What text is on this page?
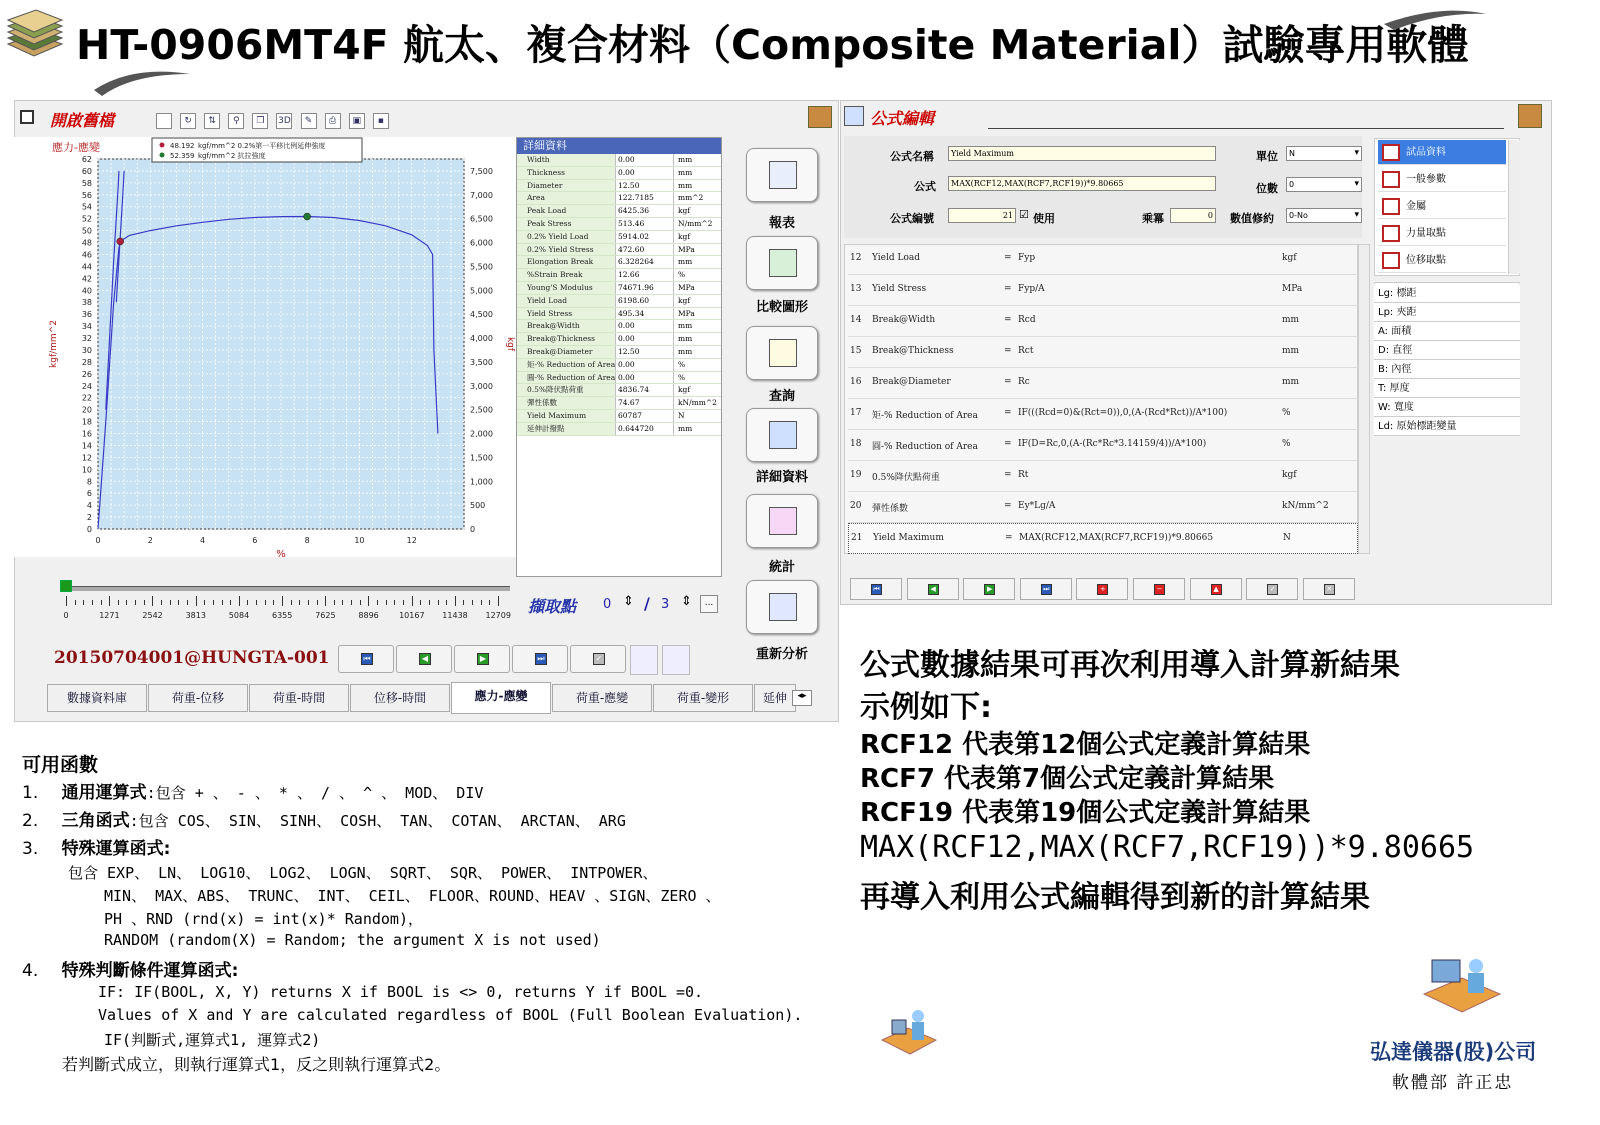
HT-0906MT4F 航太、複合材料（Composite Material）試驗專用軟體
開啟舊檔	↻ ⇅ ⚲ ❐ 3D ✎ ⎙ ▣ ▪
0
2
4
6
8
10
12
14
16
18
20
22
24
26
28
30
32
34
36
38
40
42
44
46
48
50
52
54
56
58
60
62
0
500
1,000
1,500
2,000
2,500
3,000
3,500
4,000
4,500
5,000
5,500
6,000
6,500
7,000
7,500
0	2	4	6	8	10	12
應力-應變
kgf/mm^2	kgf
%
48.192 kgf/mm^2 0.2%第一平移比例延伸強度
52.359 kgf/mm^2 抗拉強度
詳細資料
Width	0.00	mm
Thickness	0.00	mm
Diameter	12.50	mm
Area	122.7185	mm^2
Peak Load	6425.36	kgf
Peak Stress	513.46	N/mm^2
0.2% Yield Load	5914.02	kgf
0.2% Yield Stress	472.60	MPa
Elongation Break	6.328264	mm
%Strain Break	12.66	%
Young'S Modulus	74671.96	MPa
Yield Load	6198.60	kgf
Yield Stress	495.34	MPa
Break@Width	0.00	mm
Break@Thickness	0.00	mm
Break@Diameter	12.50	mm
矩-% Reduction of Area 0.00	%
圓-% Reduction of Area 0.00	%
0.5%降伏點荷重	4836.74	kgf
彈性係數	74.67	kN/mm^2
Yield Maximum	60787	N
延伸計撥點	0.644720	mm
報表
比較圖形
查詢
詳細資料
統計
重新分析
0	1271	2542	3813	5084	6355	7625	8896	10167 11438 12709 擷取點 0 ⇕ / 3 ⇕	...
20150704001@HUNGTA-001	⏮	◀	▶	⏭	✓
數據資料庫	荷重-位移	荷重-時間	位移-時間	應力-應變	荷重-應變	荷重-變形	延伸	◂▸
公式編輯
公式名稱	Yield Maximum	單位	N ▾
公式	MAX(RCF12,MAX(RCF7,RCF19))*9.80665	位數	0 ▾
公式編號	21 ☑ 使用	乘冪	0 數值修約	0-No ▾
12 Yield Load	= Fyp	kgf
13 Yield Stress	= Fyp/A	MPa
14 Break@Width	= Rcd	mm
15 Break@Thickness	= Rct	mm
16 Break@Diameter	= Rc	mm
17 矩-% Reduction of Area	= IF(((Rcd=0)&(Rct=0)),0,(A-(Rcd*Rct))/A*100)	%
18 圓-% Reduction of Area	= IF(D=Rc,0,(A-(Rc*Rc*3.14159/4))/A*100)	%
19 0.5%降伏點荷重	= Rt	kgf
20 彈性係數	= Ey*Lg/A	kN/mm^2
21 Yield Maximum	= MAX(RCF12,MAX(RCF7,RCF19))*9.80665	N
試品資料
一般參數
金屬
力量取點
位移取點
Lg: 標距
Lp: 夾距
A: 面積
D: 直徑
B: 內徑
T: 厚度
W: 寬度
Ld: 原始標距變量
⏮	◀	▶	⏭	+	−	▲	✓	✕
公式數據結果可再次利用導入計算新結果
示例如下:
RCF12 代表第12個公式定義計算結果
RCF7 代表第7個公式定義計算結果
RCF19 代表第19個公式定義計算結果
MAX(RCF12,MAX(RCF7,RCF19))*9.80665
再導入利用公式編輯得到新的計算結果
可用函數
1. 通用運算式:包含 + 、 - 、 * 、 / 、 ^ 、 MOD、 DIV
2. 三角函式:包含 COS、 SIN、 SINH、 COSH、 TAN、 COTAN、 ARCTAN、 ARG
3. 特殊運算函式:
包含 EXP、 LN、 LOG10、 LOG2、 LOGN、 SQRT、 SQR、 POWER、 INTPOWER、
MIN、 MAX、ABS、 TRUNC、 INT、 CEIL、 FLOOR、ROUND、HEAV 、SIGN、ZERO 、
PH 、RND (rnd(x) = int(x)* Random)，
RANDOM (random(X) = Random; the argument X is not used)
4. 特殊判斷條件運算函式:
IF: IF(BOOL, X, Y) returns X if BOOL is <> 0, returns Y if BOOL =0.
Values of X and Y are calculated regardless of BOOL (Full Boolean Evaluation).
IF(判斷式,運算式1, 運算式2)
若判斷式成立，則執行運算式1，反之則執行運算式2。
弘達儀器(股)公司
軟體部 許正忠
